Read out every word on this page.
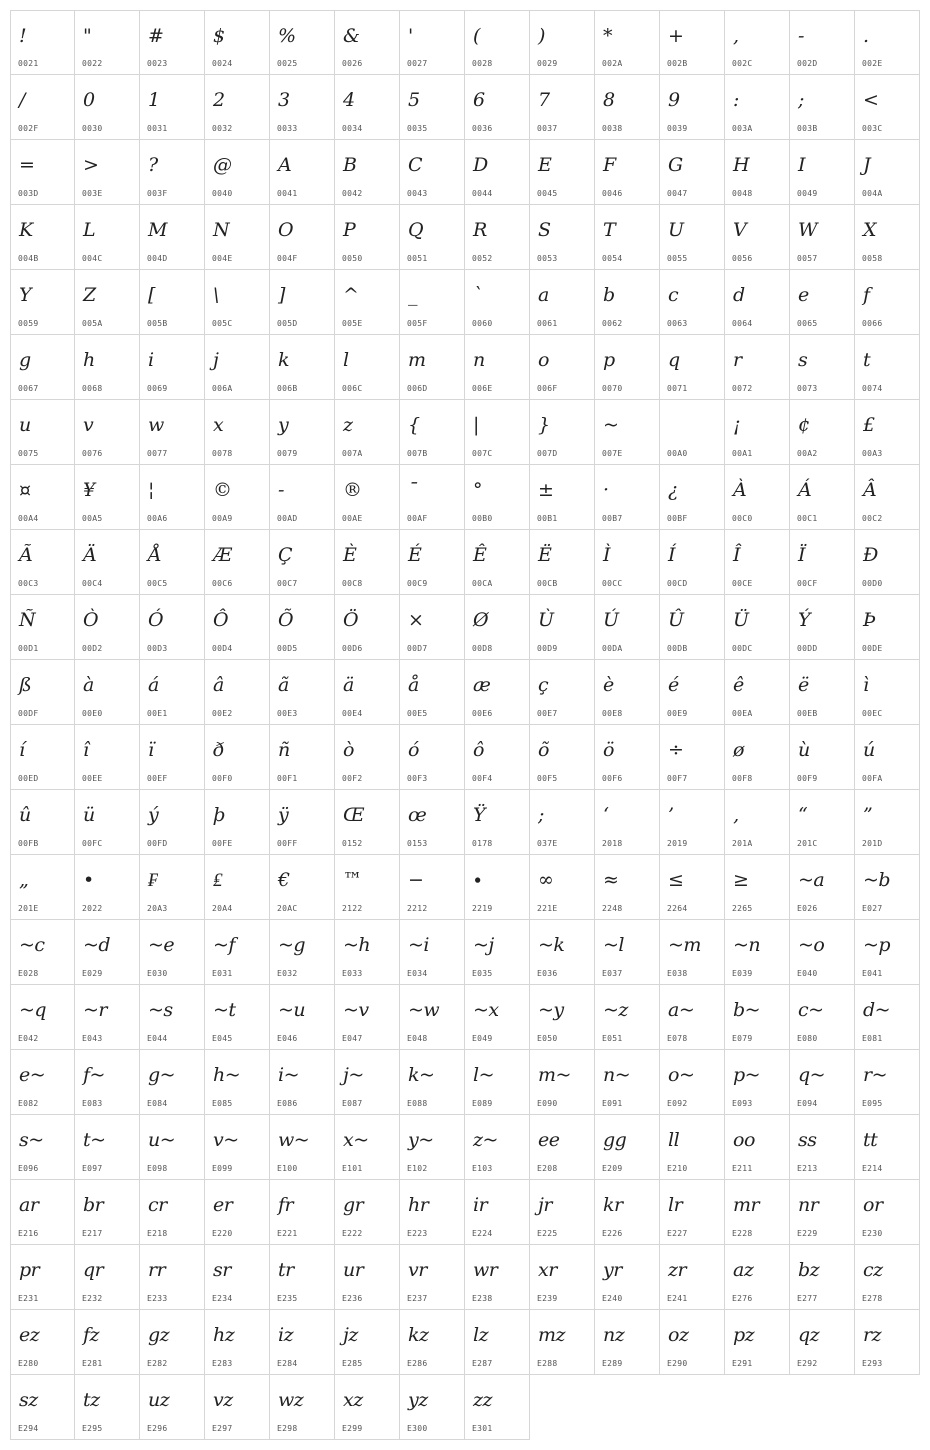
!
0021
"
0022
#
0023
$
0024
%
0025
&
0026
'
0027
(
0028
)
0029
*
002A
+
002B
,
002C
-
002D
.
002E
/
002F
0
0030
1
0031
2
0032
3
0033
4
0034
5
0035
6
0036
7
0037
8
0038
9
0039
:
003A
;
003B
<
003C
=
003D
>
003E
?
003F
@
0040
A
0041
B
0042
C
0043
D
0044
E
0045
F
0046
G
0047
H
0048
I
0049
J
004A
K
004B
L
004C
M
004D
N
004E
O
004F
P
0050
Q
0051
R
0052
S
0053
T
0054
U
0055
V
0056
W
0057
X
0058
Y
0059
Z
005A
[
005B
\
005C
]
005D
^
005E
_
005F
`
0060
a
0061
b
0062
c
0063
d
0064
e
0065
f
0066
g
0067
h
0068
i
0069
j
006A
k
006B
l
006C
m
006D
n
006E
o
006F
p
0070
q
0071
r
0072
s
0073
t
0074
u
0075
v
0076
w
0077
x
0078
y
0079
z
007A
{
007B
|
007C
}
007D
~
007E	00A0
¡
00A1
¢
00A2
£
00A3
¤
00A4
¥
00A5
¦
00A6
©
00A9
-
00AD
®
00AE
¯
00AF
°
00B0
±
00B1
·
00B7
¿
00BF
À
00C0
Á
00C1
Â
00C2
Ã
00C3
Ä
00C4
Å
00C5
Æ
00C6
Ç
00C7
È
00C8
É
00C9
Ê
00CA
Ë
00CB
Ì
00CC
Í
00CD
Î
00CE
Ï
00CF
Ð
00D0
Ñ
00D1
Ò
00D2
Ó
00D3
Ô
00D4
Õ
00D5
Ö
00D6
×
00D7
Ø
00D8
Ù
00D9
Ú
00DA
Û
00DB
Ü
00DC
Ý
00DD
Þ
00DE
ß
00DF
à
00E0
á
00E1
â
00E2
ã
00E3
ä
00E4
å
00E5
æ
00E6
ç
00E7
è
00E8
é
00E9
ê
00EA
ë
00EB
ì
00EC
í
00ED
î
00EE
ï
00EF
ð
00F0
ñ
00F1
ò
00F2
ó
00F3
ô
00F4
õ
00F5
ö
00F6
÷
00F7
ø
00F8
ù
00F9
ú
00FA
û
00FB
ü
00FC
ý
00FD
þ
00FE
ÿ
00FF
Œ
0152
œ
0153
Ÿ
0178
;
037E
‘
2018
’
2019
‚
201A
“
201C
”
201D
„
201E
•
2022
₣
20A3
₤
20A4
€
20AC
™
2122
−
2212
∙
2219
∞
221E
≈
2248
≤
2264
≥
2265
~a
E026
~b
E027
~c
E028
~d
E029
~e
E030
~f
E031
~g
E032
~h
E033
~i
E034
~j
E035
~k
E036
~l
E037
~m
E038
~n
E039
~o
E040
~p
E041
~q
E042
~r
E043
~s
E044
~t
E045
~u
E046
~v
E047
~w
E048
~x
E049
~y
E050
~z
E051
a~
E078
b~
E079
c~
E080
d~
E081
e~
E082
f~
E083
g~
E084
h~
E085
i~
E086
j~
E087
k~
E088
l~
E089
m~
E090
n~
E091
o~
E092
p~
E093
q~
E094
r~
E095
s~
E096
t~
E097
u~
E098
v~
E099
w~
E100
x~
E101
y~
E102
z~
E103
ee
E208
gg
E209
ll
E210
oo
E211
ss
E213
tt
E214
ar
E216
br
E217
cr
E218
er
E220
fr
E221
gr
E222
hr
E223
ir
E224
jr
E225
kr
E226
lr
E227
mr
E228
nr
E229
or
E230
pr
E231
qr
E232
rr
E233
sr
E234
tr
E235
ur
E236
vr
E237
wr
E238
xr
E239
yr
E240
zr
E241
az
E276
bz
E277
cz
E278
ez
E280
fz
E281
gz
E282
hz
E283
iz
E284
jz
E285
kz
E286
lz
E287
mz
E288
nz
E289
oz
E290
pz
E291
qz
E292
rz
E293
sz
E294
tz
E295
uz
E296
vz
E297
wz
E298
xz
E299
yz
E300
zz
E301
